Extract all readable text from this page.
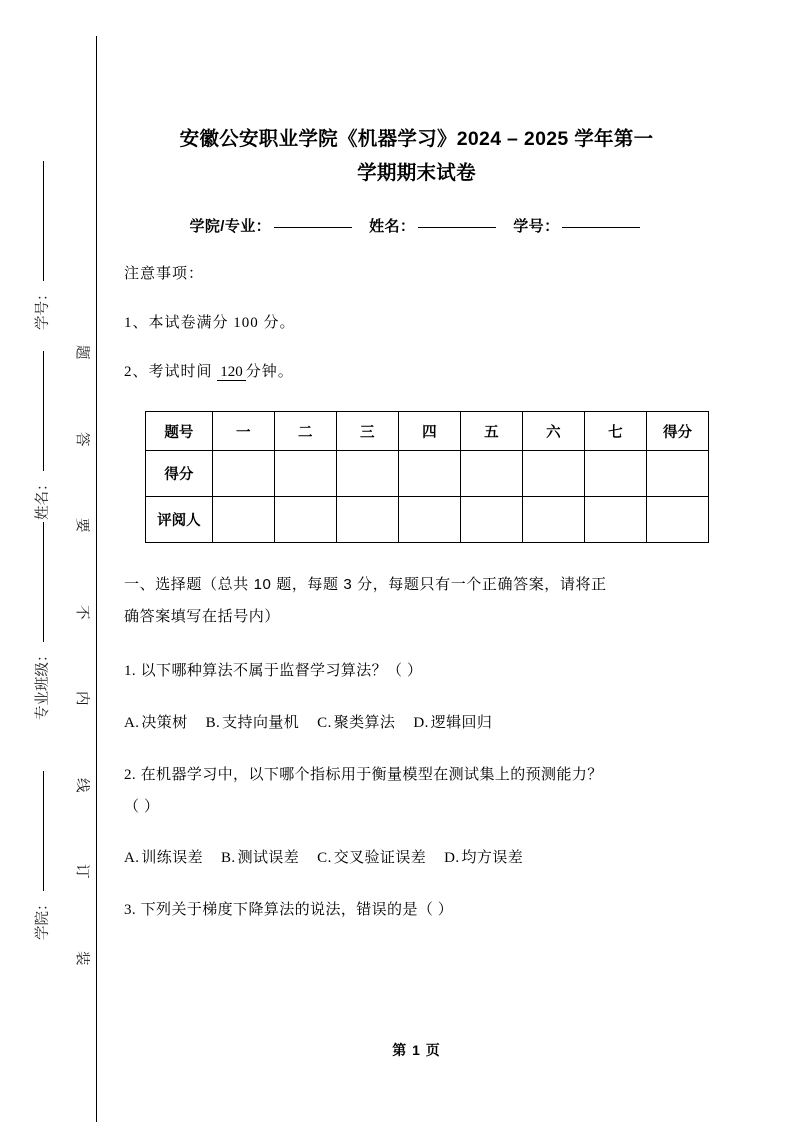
学号：
姓名：
专业班级：
学院：
题
答
要
不
内
线
订
装
安徽公安职业学院《机器学习》2024 – 2025 学年第一
学期期末试卷
学院/专业：	姓名：	学号：
注意事项：
1、本试卷满分 100 分。
2、考试时间 120 分钟。
题号	一	二	三	四	五	六	七	得分
得分								
评阅人								
一、选择题（总共 10 题，每题 3 分，每题只有一个正确答案，请将正
确答案填写在括号内）
1. 以下哪种算法不属于监督学习算法？（ ）
A. 决策树 B. 支持向量机 C. 聚类算法 D. 逻辑回归
2. 在机器学习中，以下哪个指标用于衡量模型在测试集上的预测能力？
（ ）
A. 训练误差 B. 测试误差 C. 交叉验证误差 D. 均方误差
3. 下列关于梯度下降算法的说法，错误的是（ ）
第 1 页
